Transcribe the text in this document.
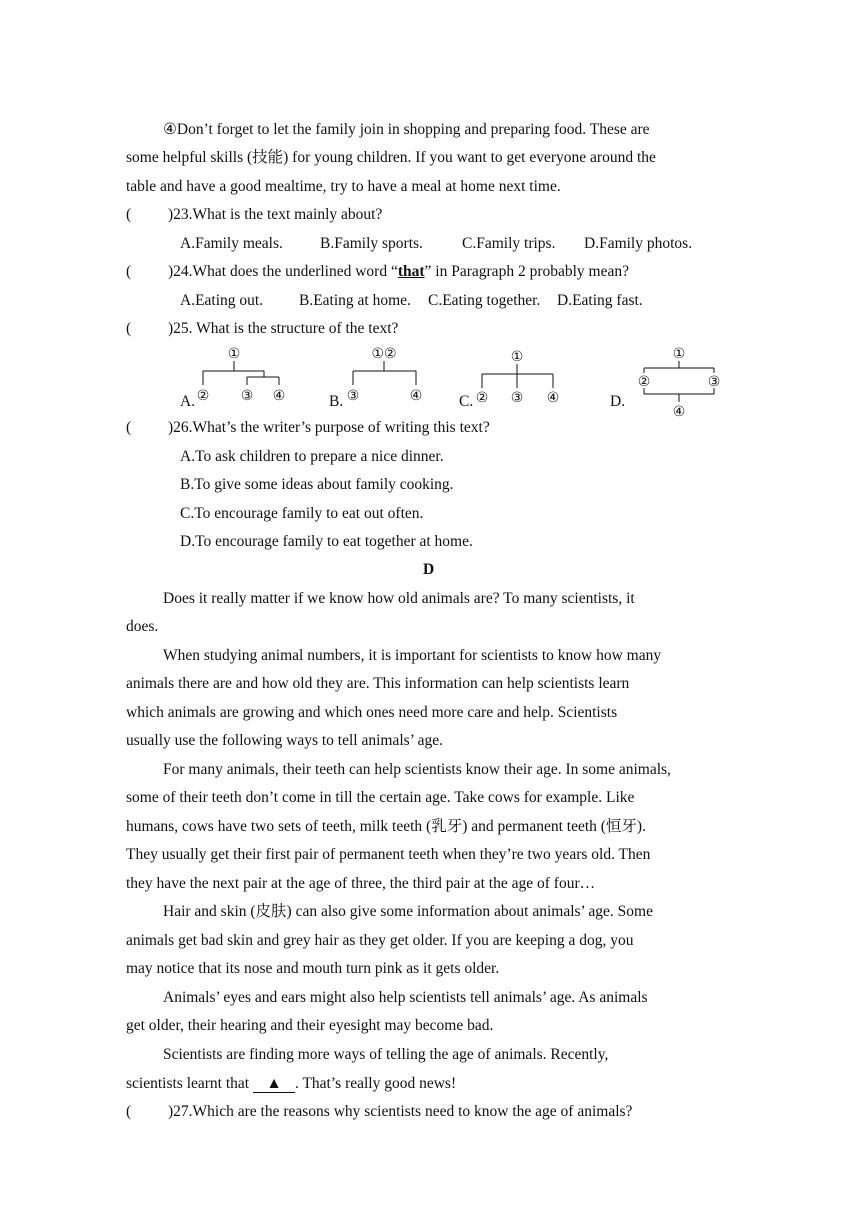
④Don’t forget to let the family join in shopping and preparing food. These are
some helpful skills (技能) for young children. If you want to get everyone around the
table and have a good mealtime, try to have a meal at home next time.
( )23.What is the text mainly about?
A.Family meals. B.Family sports.	C.Family trips. D.Family photos.
( )24.What does the underlined word “that” in Paragraph 2 probably mean?
A.Eating out. B.Eating at home. C.Eating together. D.Eating fast.
( )25. What is the structure of the text?
A.	B.	C.	D.
①
② ③ ④
①②
③	④
①
② ③ ④
①
②	③
④
( )26.What’s the writer’s purpose of writing this text?
A.To ask children to prepare a nice dinner.
B.To give some ideas about family cooking.
C.To encourage family to eat out often.
D.To encourage family to eat together at home.
D
Does it really matter if we know how old animals are? To many scientists, it
does.
When studying animal numbers, it is important for scientists to know how many
animals there are and how old they are. This information can help scientists learn
which animals are growing and which ones need more care and help. Scientists
usually use the following ways to tell animals’ age.
For many animals, their teeth can help scientists know their age. In some animals,
some of their teeth don’t come in till the certain age. Take cows for example. Like
humans, cows have two sets of teeth, milk teeth (乳牙) and permanent teeth (恒牙).
They usually get their first pair of permanent teeth when they’re two years old. Then
they have the next pair at the age of three, the third pair at the age of four…
Hair and skin (皮肤) can also give some information about animals’ age. Some
animals get bad skin and grey hair as they get older. If you are keeping a dog, you
may notice that its nose and mouth turn pink as it gets older.
Animals’ eyes and ears might also help scientists tell animals’ age. As animals
get older, their hearing and their eyesight may become bad.
Scientists are finding more ways of telling the age of animals. Recently,
scientists learnt that ▲ . That’s really good news!
( )27.Which are the reasons why scientists need to know the age of animals?
